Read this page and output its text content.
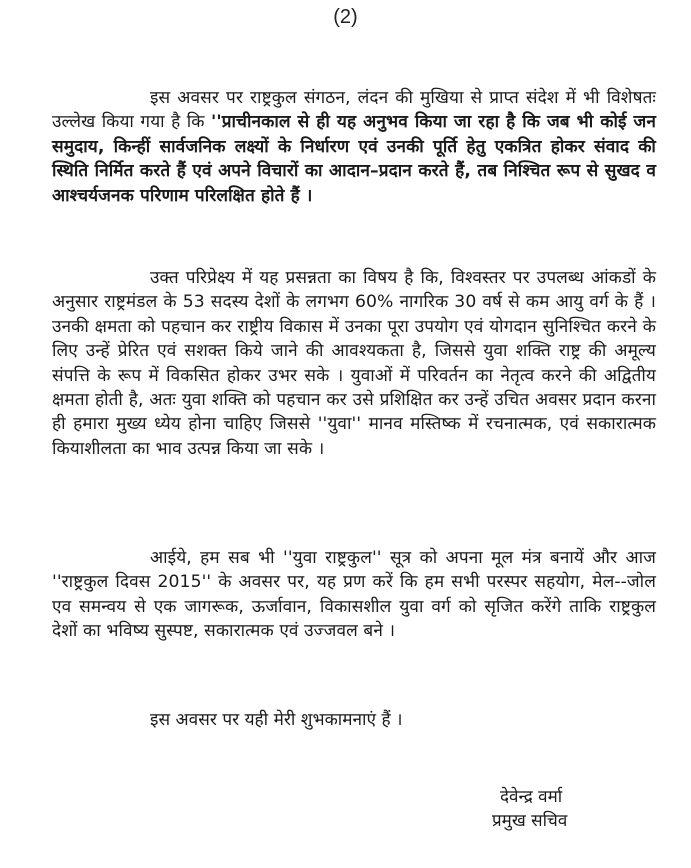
(2)

इस अवसर पर राष्ट्रकुल संगठन, लंदन की मुखिया से प्राप्त संदेश में भी विशेषतः उल्लेख किया गया है कि ''प्राचीनकाल से ही यह अनुभव किया जा रहा है कि जब भी कोई जन समुदाय, किन्हीं सार्वजनिक लक्ष्यों के निर्धारण एवं उनकी पूर्ति हेतु एकत्रित होकर संवाद की स्थिति निर्मित करते हैं एवं अपने विचारों का आदान–प्रदान करते हैं, तब निश्चित रूप से सुखद व आश्चर्यजनक परिणाम परिलक्षित होते हैं ।

उक्त परिप्रेक्ष्य में यह प्रसन्नता का विषय है कि, विश्वस्तर पर उपलब्ध आंकडों के अनुसार राष्ट्रमंडल के 53 सदस्य देशों के लगभग 60% नागरिक 30 वर्ष से कम आयु वर्ग के हैं । उनकी क्षमता को पहचान कर राष्ट्रीय विकास में उनका पूरा उपयोग एवं योगदान सुनिश्चित करने के लिए उन्हें प्रेरित एवं सशक्त किये जाने की आवश्यकता है, जिससे युवा शक्ति राष्ट्र की अमूल्य संपत्ति के रूप में विकसित होकर उभर सके । युवाओं में परिवर्तन का नेतृत्व करने की अद्वितीय क्षमता होती है, अतः युवा शक्ति को पहचान कर उसे प्रशिक्षित कर उन्हें उचित अवसर प्रदान करना ही हमारा मुख्य ध्येय होना चाहिए जिससे ''युवा'' मानव मस्तिष्क में रचनात्मक, एवं सकारात्मक कियाशीलता का भाव उत्पन्न किया जा सके ।

आईये, हम सब भी ''युवा राष्ट्रकुल'' सूत्र को अपना मूल मंत्र बनायें और आज ''राष्ट्रकुल दिवस 2015'' के अवसर पर, यह प्रण करें कि हम सभी परस्पर सहयोग, मेल--जोल एव समन्वय से एक जागरूक, ऊर्जावान, विकासशील युवा वर्ग को सृजित करेंगे ताकि राष्ट्रकुल देशों का भविष्य सुस्पष्ट, सकारात्मक एवं उज्जवल बने ।

इस अवसर पर यही मेरी शुभकामनाएं हैं ।

देवेन्द्र वर्मा
प्रमुख सचिव
